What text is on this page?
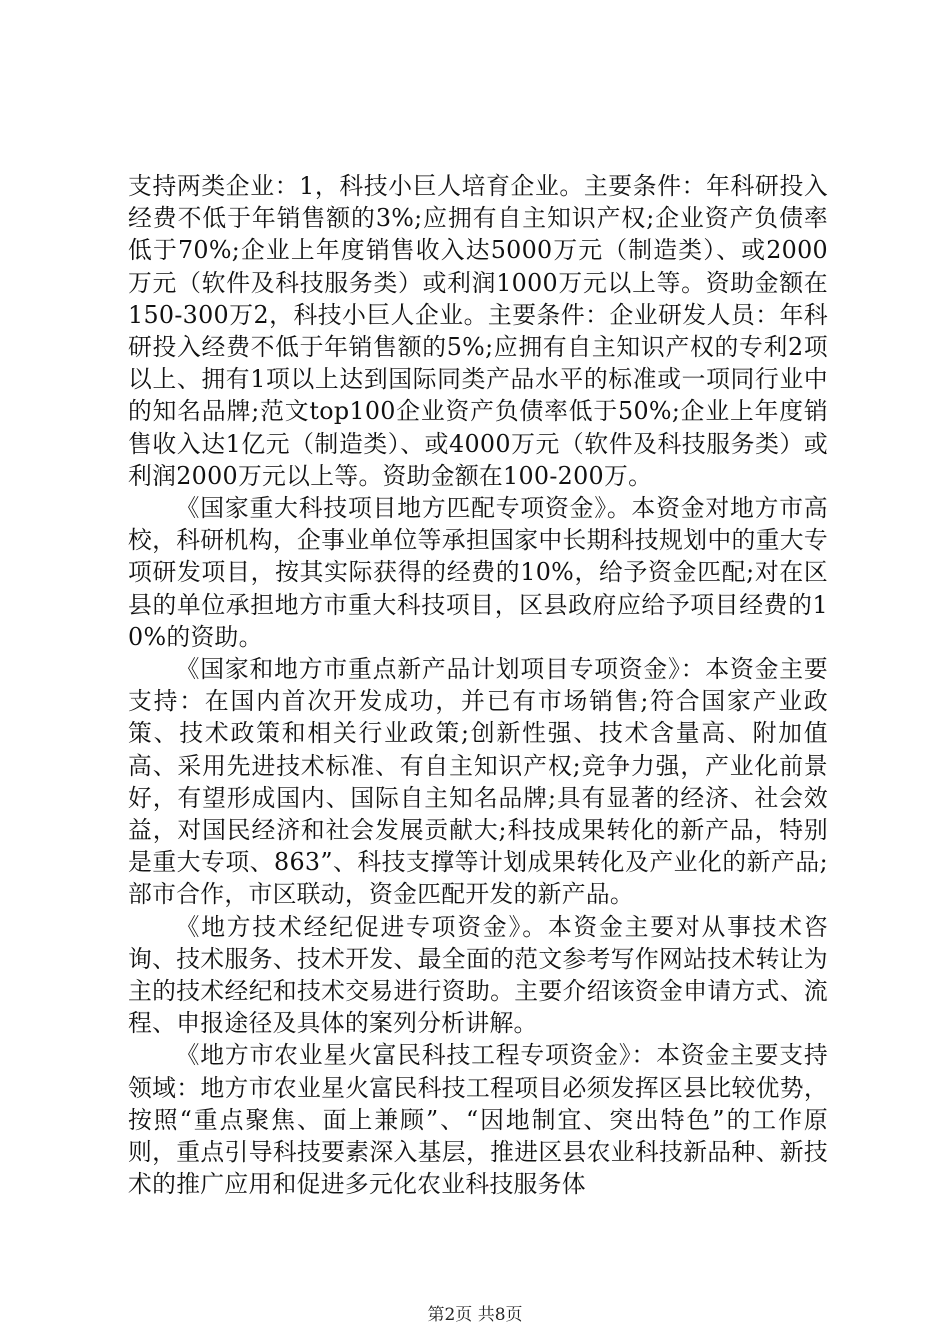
支持两类企业：1，科技小巨人培育企业。主要条件：年科研投入经费不低于年销售额的3%;应拥有自主知识产权;企业资产负债率低于70%;企业上年度销售收入达5000万元（制造类）、或2000万元（软件及科技服务类）或利润1000万元以上等。资助金额在150-300万2，科技小巨人企业。主要条件：企业研发人员：年科研投入经费不低于年销售额的5%;应拥有自主知识产权的专利2项以上、拥有1项以上达到国际同类产品水平的标准或一项同行业中的知名品牌;范文top100企业资产负债率低于50%;企业上年度销售收入达1亿元（制造类）、或4000万元（软件及科技服务类）或利润2000万元以上等。资助金额在100-200万。

《国家重大科技项目地方匹配专项资金》。本资金对地方市高校，科研机构，企事业单位等承担国家中长期科技规划中的重大专项研发项目，按其实际获得的经费的10%，给予资金匹配;对在区县的单位承担地方市重大科技项目，区县政府应给予项目经费的10%的资助。

《国家和地方市重点新产品计划项目专项资金》：本资金主要支持：在国内首次开发成功，并已有市场销售;符合国家产业政策、技术政策和相关行业政策;创新性强、技术含量高、附加值高、采用先进技术标准、有自主知识产权;竞争力强，产业化前景好，有望形成国内、国际自主知名品牌;具有显著的经济、社会效益，对国民经济和社会发展贡献大;科技成果转化的新产品，特别是重大专项、863”、科技支撑等计划成果转化及产业化的新产品;部市合作，市区联动，资金匹配开发的新产品。

《地方技术经纪促进专项资金》。本资金主要对从事技术咨询、技术服务、技术开发、最全面的范文参考写作网站技术转让为主的技术经纪和技术交易进行资助。主要介绍该资金申请方式、流程、申报途径及具体的案列分析讲解。

《地方市农业星火富民科技工程专项资金》：本资金主要支持领域：地方市农业星火富民科技工程项目必须发挥区县比较优势，按照“重点聚焦、面上兼顾”、“因地制宜、突出特色”的工作原则，重点引导科技要素深入基层，推进区县农业科技新品种、新技术的推广应用和促进多元化农业科技服务体

第2页 共8页
